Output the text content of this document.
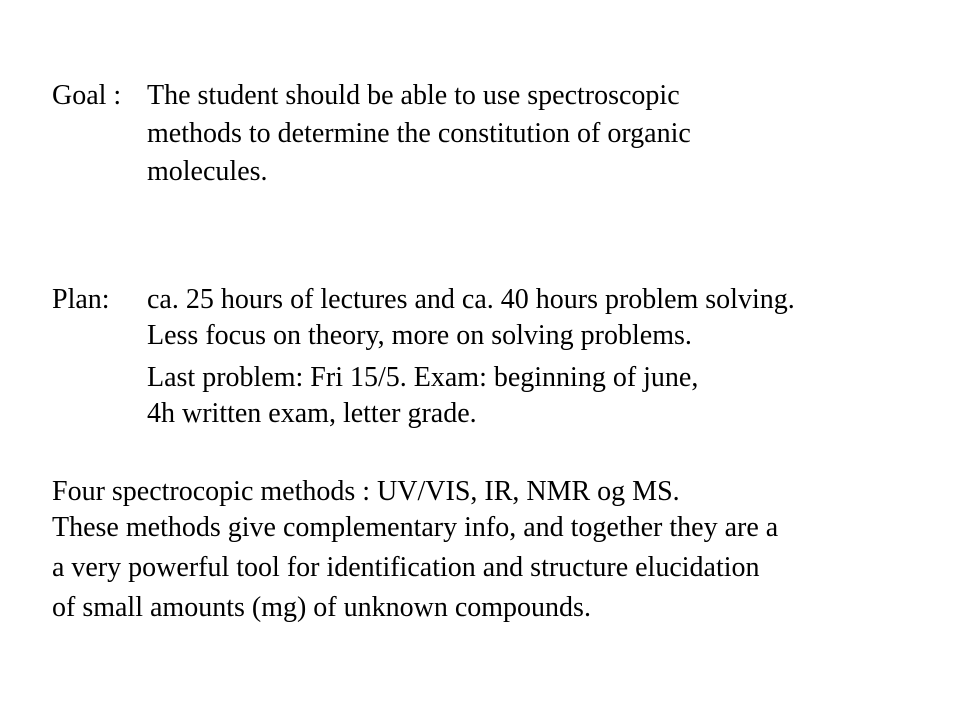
Goal : The student should be able to use spectroscopic

methods to determine the constitution of organic

molecules.

Plan: ca. 25 hours of lectures and ca. 40 hours problem solving.

Less focus on theory, more on solving problems.

Last problem: Fri 15/5. Exam: beginning of june,

4h written exam, letter grade.

Four spectrocopic methods : UV/VIS, IR, NMR og MS.

These methods give complementary info, and together they are a

a very powerful tool for identification and structure elucidation

of small amounts (mg) of unknown compounds.
